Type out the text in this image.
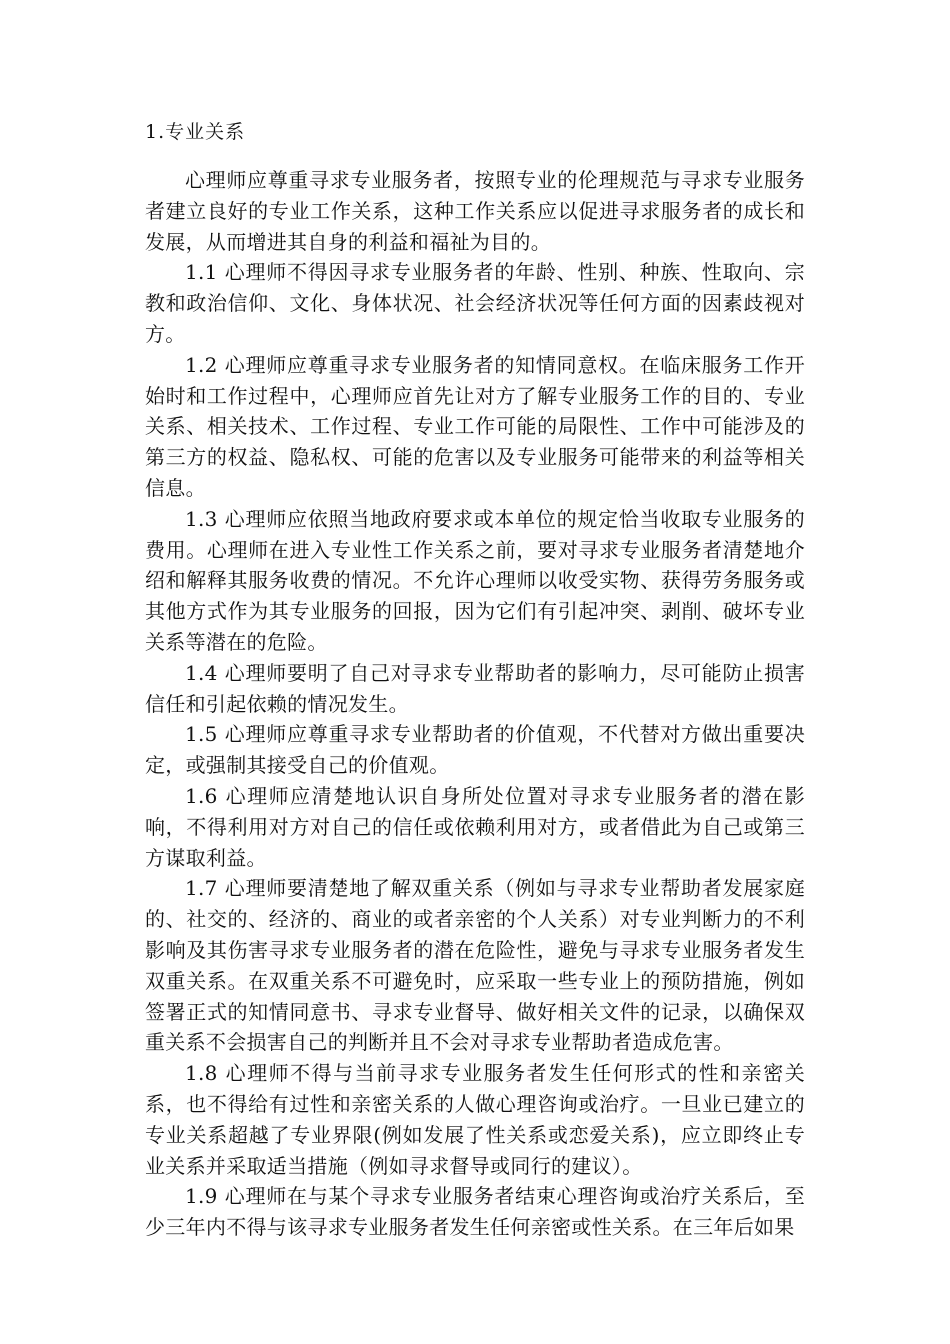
1.专业关系

心理师应尊重寻求专业服务者，按照专业的伦理规范与寻求专业服务者建立良好的专业工作关系，这种工作关系应以促进寻求服务者的成长和发展，从而增进其自身的利益和福祉为目的。

1.1 心理师不得因寻求专业服务者的年龄、性别、种族、性取向、宗教和政治信仰、文化、身体状况、社会经济状况等任何方面的因素歧视对方。

1.2 心理师应尊重寻求专业服务者的知情同意权。在临床服务工作开始时和工作过程中，心理师应首先让对方了解专业服务工作的目的、专业关系、相关技术、工作过程、专业工作可能的局限性、工作中可能涉及的第三方的权益、隐私权、可能的危害以及专业服务可能带来的利益等相关信息。

1.3 心理师应依照当地政府要求或本单位的规定恰当收取专业服务的费用。心理师在进入专业性工作关系之前，要对寻求专业服务者清楚地介绍和解释其服务收费的情况。不允许心理师以收受实物、获得劳务服务或其他方式作为其专业服务的回报，因为它们有引起冲突、剥削、破坏专业关系等潜在的危险。

1.4 心理师要明了自己对寻求专业帮助者的影响力，尽可能防止损害信任和引起依赖的情况发生。

1.5 心理师应尊重寻求专业帮助者的价值观，不代替对方做出重要决定，或强制其接受自己的价值观。

1.6 心理师应清楚地认识自身所处位置对寻求专业服务者的潜在影响，不得利用对方对自己的信任或依赖利用对方，或者借此为自己或第三方谋取利益。

1.7 心理师要清楚地了解双重关系（例如与寻求专业帮助者发展家庭的、社交的、经济的、商业的或者亲密的个人关系）对专业判断力的不利影响及其伤害寻求专业服务者的潜在危险性，避免与寻求专业服务者发生双重关系。在双重关系不可避免时，应采取一些专业上的预防措施，例如签署正式的知情同意书、寻求专业督导、做好相关文件的记录，以确保双重关系不会损害自己的判断并且不会对寻求专业帮助者造成危害。

1.8 心理师不得与当前寻求专业服务者发生任何形式的性和亲密关系，也不得给有过性和亲密关系的人做心理咨询或治疗。一旦业已建立的专业关系超越了专业界限(例如发展了性关系或恋爱关系)，应立即终止专业关系并采取适当措施（例如寻求督导或同行的建议）。

1.9 心理师在与某个寻求专业服务者结束心理咨询或治疗关系后，至少三年内不得与该寻求专业服务者发生任何亲密或性关系。在三年后如果
